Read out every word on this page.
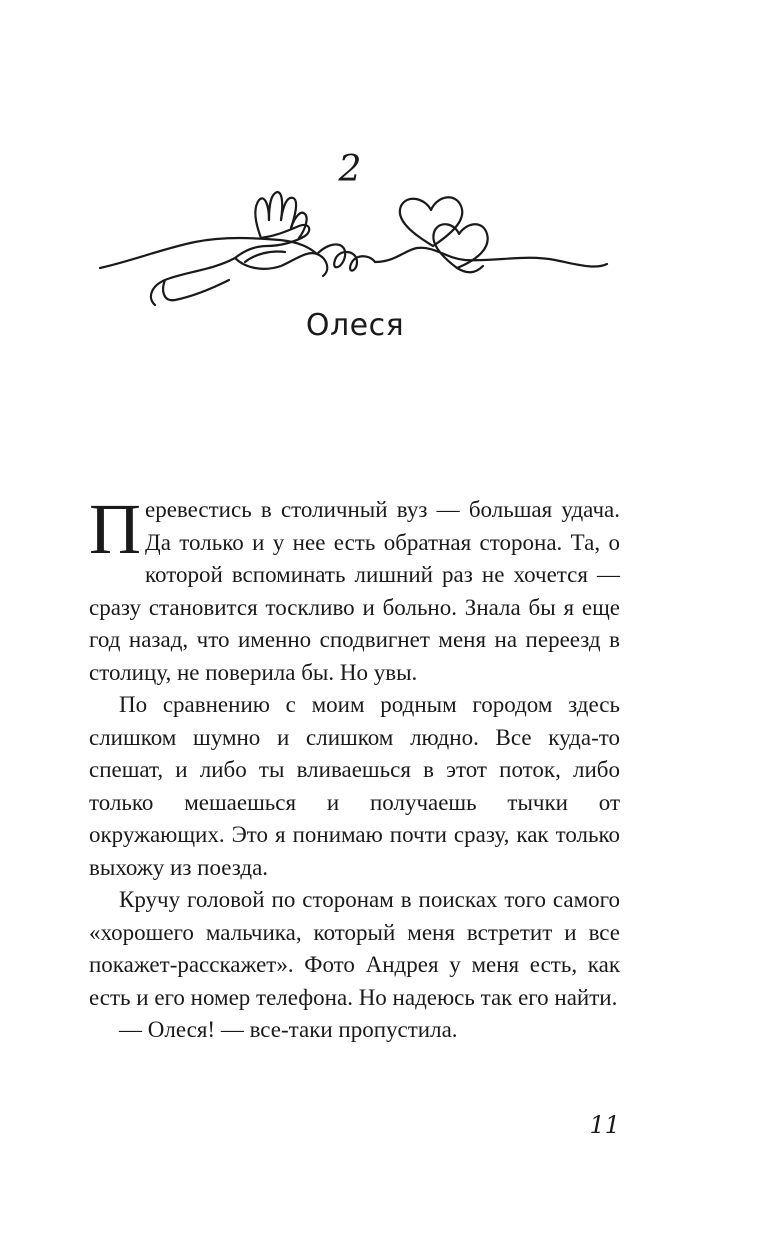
2
Олеся

Перевестись в столичный вуз — большая удача. Да только и у нее есть обратная сторона. Та, о которой вспоминать лишний раз не хочется — сразу становится тоскливо и больно. Знала бы я еще год назад, что именно сподвигнет меня на переезд в столицу, не поверила бы. Но увы.

По сравнению с моим родным городом здесь слишком шумно и слишком людно. Все куда-то спешат, и либо ты вливаешься в этот поток, либо только мешаешься и получаешь тычки от окружающих. Это я понимаю почти сразу, как только выхожу из поезда.

Кручу головой по сторонам в поисках того самого «хорошего мальчика, который меня встретит и все покажет-расскажет». Фото Андрея у меня есть, как есть и его номер телефона. Но надеюсь так его найти.

— Олеся! — все-таки пропустила.

11
